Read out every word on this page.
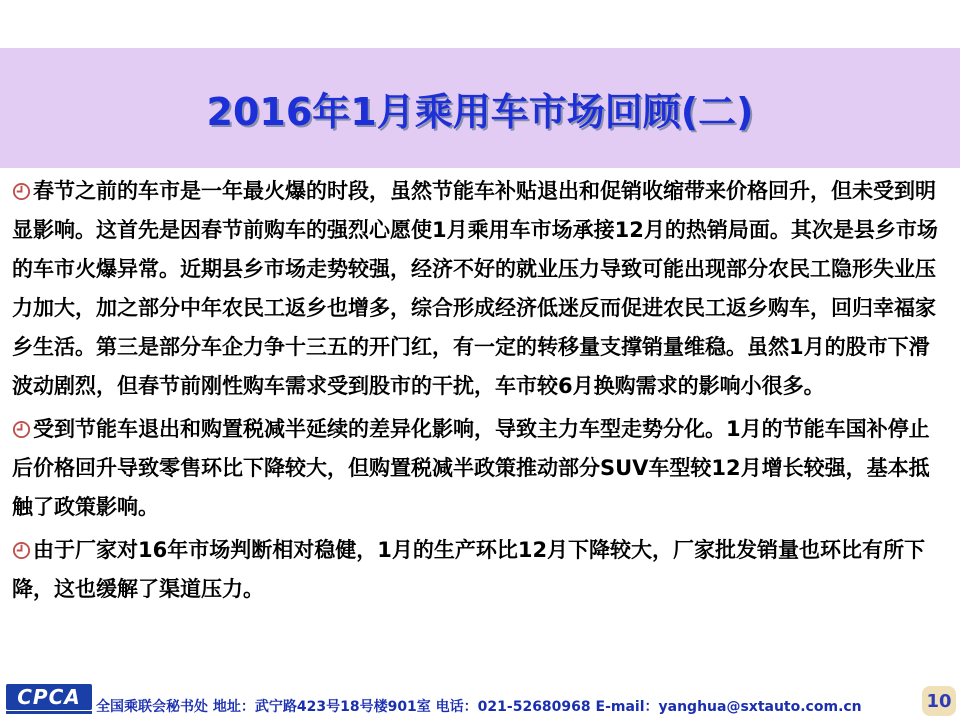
2016年1月乘用车市场回顾(二)

春节之前的车市是一年最火爆的时段，虽然节能车补贴退出和促销收缩带来价格回升，但未受到明显影响。这首先是因春节前购车的强烈心愿使1月乘用车市场承接12月的热销局面。其次是县乡市场的车市火爆异常。近期县乡市场走势较强，经济不好的就业压力导致可能出现部分农民工隐形失业压力加大，加之部分中年农民工返乡也增多，综合形成经济低迷反而促进农民工返乡购车，回归幸福家乡生活。第三是部分车企力争十三五的开门红，有一定的转移量支撑销量维稳。虽然1月的股市下滑波动剧烈，但春节前刚性购车需求受到股市的干扰，车市较6月换购需求的影响小很多。

受到节能车退出和购置税减半延续的差异化影响，导致主力车型走势分化。1月的节能车国补停止后价格回升导致零售环比下降较大，但购置税减半政策推动部分SUV车型较12月增长较强，基本抵触了政策影响。

由于厂家对16年市场判断相对稳健，1月的生产环比12月下降较大，厂家批发销量也环比有所下降，这也缓解了渠道压力。

CPCA	全国乘联会秘书处 地址：武宁路423号18号楼901室 电话：021-52680968 E-mail：yanghua@sxtauto.com.cn	10
